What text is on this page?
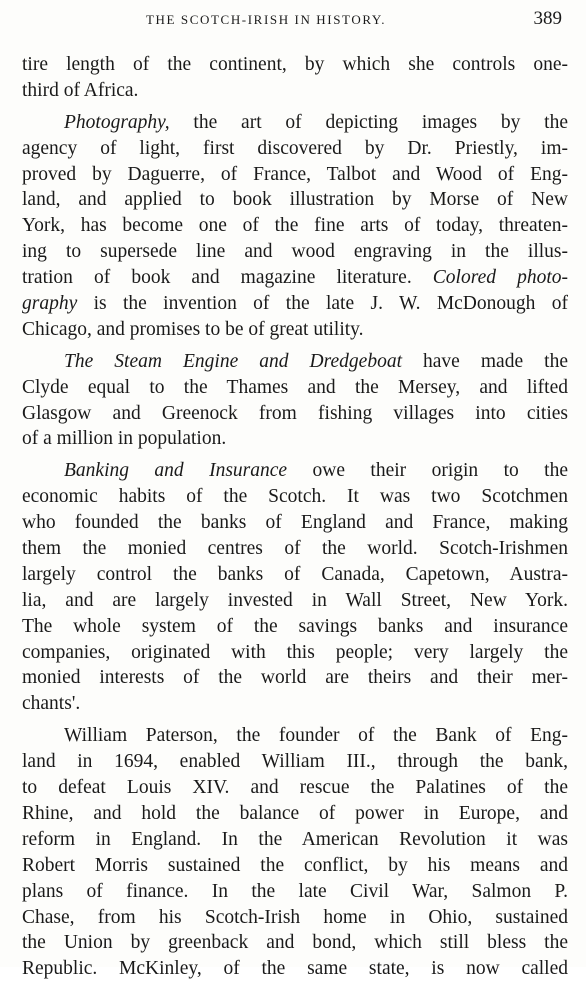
THE SCOTCH-IRISH IN HISTORY.	389
tire length of the continent, by which she controls one-
third of Africa.
Photography, the art of depicting images by the
agency of light, first discovered by Dr. Priestly, im-
proved by Daguerre, of France, Talbot and Wood of Eng-
land, and applied to book illustration by Morse of New
York, has become one of the fine arts of today, threaten-
ing to supersede line and wood engraving in the illus-
tration of book and magazine literature. Colored photo-
graphy is the invention of the late J. W. McDonough of
Chicago, and promises to be of great utility.
The Steam Engine and Dredgeboat have made the
Clyde equal to the Thames and the Mersey, and lifted
Glasgow and Greenock from fishing villages into cities
of a million in population.
Banking and Insurance owe their origin to the
economic habits of the Scotch. It was two Scotchmen
who founded the banks of England and France, making
them the monied centres of the world. Scotch-Irishmen
largely control the banks of Canada, Capetown, Austra-
lia, and are largely invested in Wall Street, New York.
The whole system of the savings banks and insurance
companies, originated with this people; very largely the
monied interests of the world are theirs and their mer-
chants'.
William Paterson, the founder of the Bank of Eng-
land in 1694, enabled William III., through the bank,
to defeat Louis XIV. and rescue the Palatines of the
Rhine, and hold the balance of power in Europe, and
reform in England. In the American Revolution it was
Robert Morris sustained the conflict, by his means and
plans of finance. In the late Civil War, Salmon P.
Chase, from his Scotch-Irish home in Ohio, sustained
the Union by greenback and bond, which still bless the
Republic. McKinley, of the same state, is now called
